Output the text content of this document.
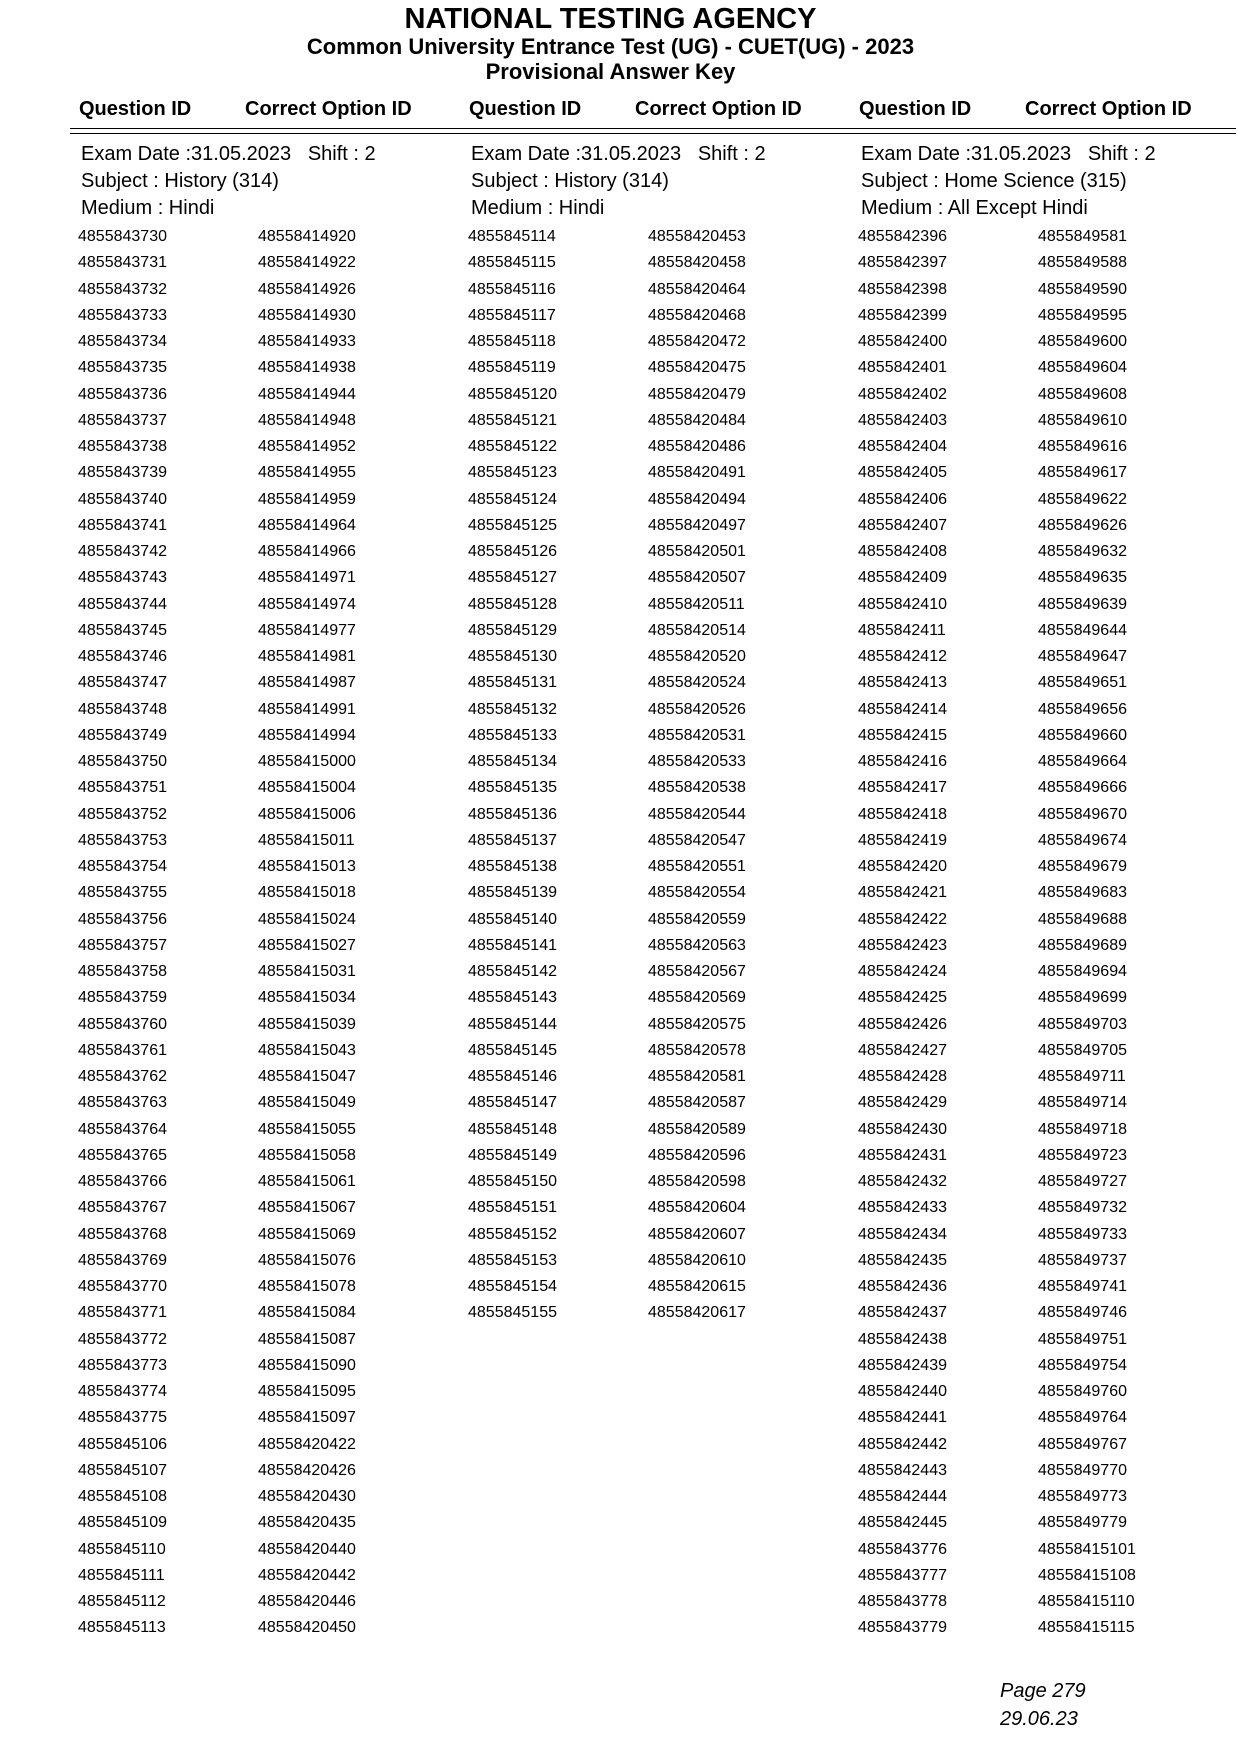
NATIONAL TESTING AGENCY
Common University Entrance Test (UG) - CUET(UG) - 2023
Provisional Answer Key
Question ID	Correct Option ID	Question ID	Correct Option ID	Question ID	Correct Option ID
Exam Date :31.05.2023 Shift : 2
Subject : History (314)
Medium : Hindi
4855843730	48558414920
4855843731	48558414922
4855843732	48558414926
4855843733	48558414930
4855843734	48558414933
4855843735	48558414938
4855843736	48558414944
4855843737	48558414948
4855843738	48558414952
4855843739	48558414955
4855843740	48558414959
4855843741	48558414964
4855843742	48558414966
4855843743	48558414971
4855843744	48558414974
4855843745	48558414977
4855843746	48558414981
4855843747	48558414987
4855843748	48558414991
4855843749	48558414994
4855843750	48558415000
4855843751	48558415004
4855843752	48558415006
4855843753	48558415011
4855843754	48558415013
4855843755	48558415018
4855843756	48558415024
4855843757	48558415027
4855843758	48558415031
4855843759	48558415034
4855843760	48558415039
4855843761	48558415043
4855843762	48558415047
4855843763	48558415049
4855843764	48558415055
4855843765	48558415058
4855843766	48558415061
4855843767	48558415067
4855843768	48558415069
4855843769	48558415076
4855843770	48558415078
4855843771	48558415084
4855843772	48558415087
4855843773	48558415090
4855843774	48558415095
4855843775	48558415097
4855845106	48558420422
4855845107	48558420426
4855845108	48558420430
4855845109	48558420435
4855845110	48558420440
4855845111	48558420442
4855845112	48558420446
4855845113	48558420450
Exam Date :31.05.2023 Shift : 2
Subject : History (314)
Medium : Hindi
4855845114	48558420453
4855845115	48558420458
4855845116	48558420464
4855845117	48558420468
4855845118	48558420472
4855845119	48558420475
4855845120	48558420479
4855845121	48558420484
4855845122	48558420486
4855845123	48558420491
4855845124	48558420494
4855845125	48558420497
4855845126	48558420501
4855845127	48558420507
4855845128	48558420511
4855845129	48558420514
4855845130	48558420520
4855845131	48558420524
4855845132	48558420526
4855845133	48558420531
4855845134	48558420533
4855845135	48558420538
4855845136	48558420544
4855845137	48558420547
4855845138	48558420551
4855845139	48558420554
4855845140	48558420559
4855845141	48558420563
4855845142	48558420567
4855845143	48558420569
4855845144	48558420575
4855845145	48558420578
4855845146	48558420581
4855845147	48558420587
4855845148	48558420589
4855845149	48558420596
4855845150	48558420598
4855845151	48558420604
4855845152	48558420607
4855845153	48558420610
4855845154	48558420615
4855845155	48558420617
Exam Date :31.05.2023 Shift : 2
Subject : Home Science (315)
Medium : All Except Hindi
4855842396	4855849581
4855842397	4855849588
4855842398	4855849590
4855842399	4855849595
4855842400	4855849600
4855842401	4855849604
4855842402	4855849608
4855842403	4855849610
4855842404	4855849616
4855842405	4855849617
4855842406	4855849622
4855842407	4855849626
4855842408	4855849632
4855842409	4855849635
4855842410	4855849639
4855842411	4855849644
4855842412	4855849647
4855842413	4855849651
4855842414	4855849656
4855842415	4855849660
4855842416	4855849664
4855842417	4855849666
4855842418	4855849670
4855842419	4855849674
4855842420	4855849679
4855842421	4855849683
4855842422	4855849688
4855842423	4855849689
4855842424	4855849694
4855842425	4855849699
4855842426	4855849703
4855842427	4855849705
4855842428	4855849711
4855842429	4855849714
4855842430	4855849718
4855842431	4855849723
4855842432	4855849727
4855842433	4855849732
4855842434	4855849733
4855842435	4855849737
4855842436	4855849741
4855842437	4855849746
4855842438	4855849751
4855842439	4855849754
4855842440	4855849760
4855842441	4855849764
4855842442	4855849767
4855842443	4855849770
4855842444	4855849773
4855842445	4855849779
4855843776	48558415101
4855843777	48558415108
4855843778	48558415110
4855843779	48558415115
Page 279
29.06.23
